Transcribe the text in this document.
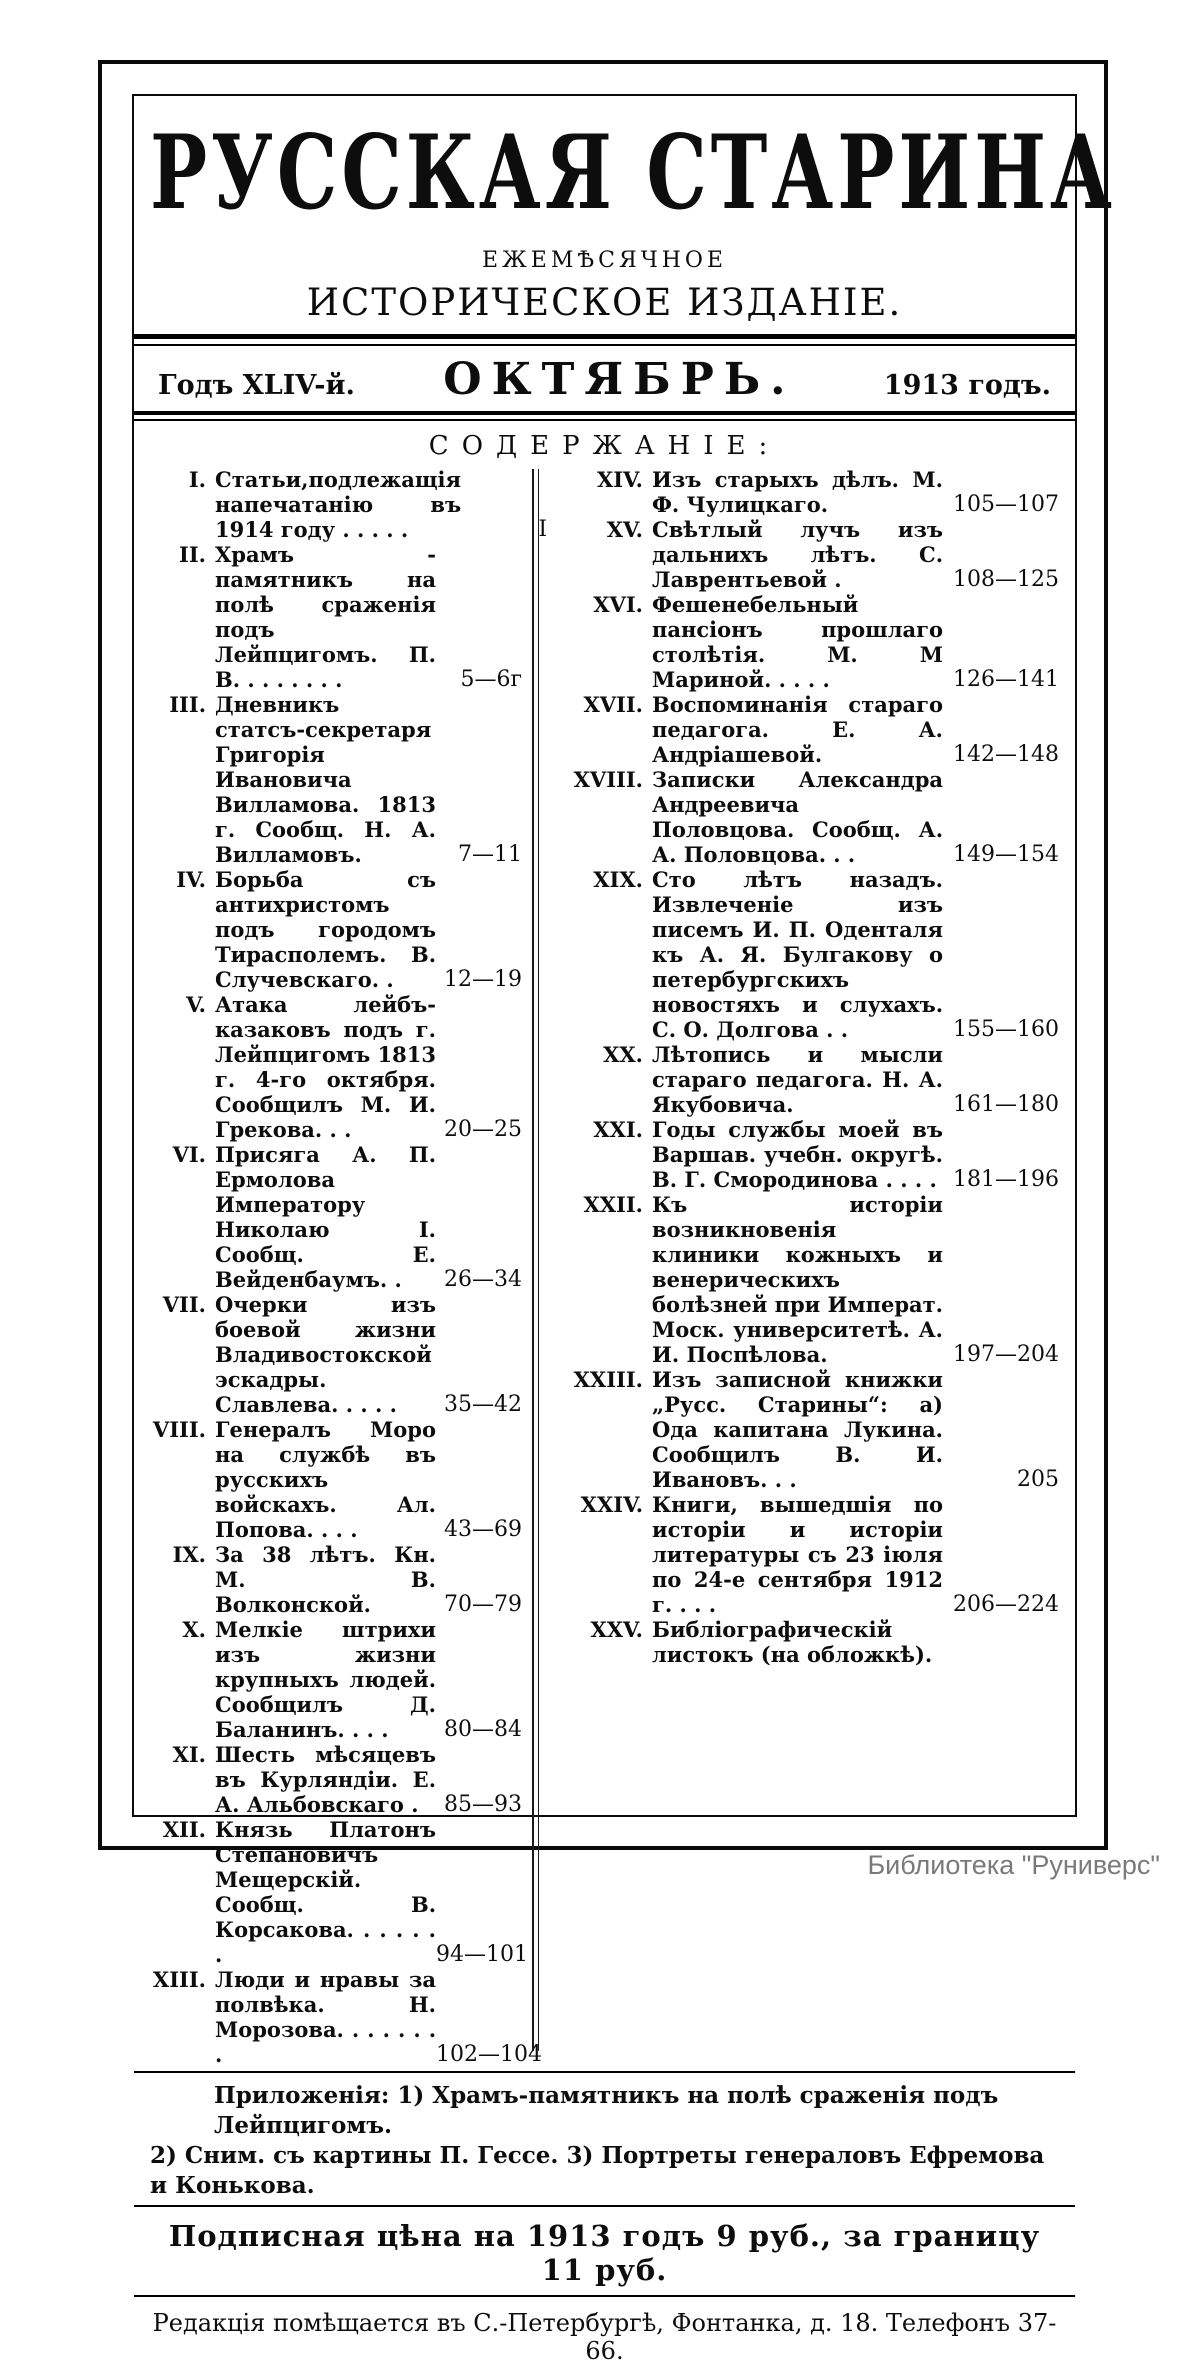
РУССКАЯ СТАРИНА
ЕЖЕМѢСЯЧНОЕ
ИСТОРИЧЕСКОЕ ИЗДАНІЕ.
Годъ XLIV-й. ОКТЯБРЬ.	1913 годъ.
СОДЕРЖАНІЕ:
I. Статьи,подлежащія напечатанію въ 1914 году . . . . .	I
II. Храмъ - памятникъ на полѣ сраженія подъ Лейпцигомъ. П. В. . . . . . . .	5—6г
III. Дневникъ статсъ-секретаря Григорія Ивановича Вилламова. 1813 г. Сообщ. Н. А. Вилламовъ.	7—11
IV. Борьба съ антихристомъ подъ городомъ Тирасполемъ. В. Случевскаго. .	12—19
V. Атака лейбъ-казаковъ подъ г. Лейпцигомъ 1813 г. 4-го октября. Сообщилъ М. И. Грекова. . .	20—25
VI. Присяга А. П. Ермолова Императору Николаю I. Сообщ. Е. Вейденбаумъ. .	26—34
VII. Очерки изъ боевой жизни Владивостокской эскадры. Славлева. . . . .	35—42
VIII. Генералъ Моро на службѣ въ русскихъ войскахъ. Ал. Попова. . . .	43—69
IX. За 38 лѣтъ. Кн. М. В. Волконской.	70—79
X. Мелкіе штрихи изъ жизни крупныхъ людей. Сообщилъ Д. Баланинъ. . . .	80—84
XI. Шесть мѣсяцевъ въ Курляндіи. Е. А. Альбовскаго .	85—93
XII. Князь Платонъ Степановичъ Мещерскій. Сообщ. В. Корсакова. . . . . . .	94—101
XIII. Люди и нравы за полвѣка. Н. Морозова. . . . . . . .	102—104
XIV. Изъ старыхъ дѣлъ. М. Ф. Чулицкаго.	105—107
XV. Свѣтлый лучъ изъ дальнихъ лѣтъ. С. Лаврентьевой .	108—125
XVI. Фешенебельный пансіонъ прошлаго столѣтія. М. М Мариной. . . . .	126—141
XVII. Воспоминанія стараго педагога. Е. А. Андріашевой.	142—148
XVIII. Записки Александра Андреевича Половцова. Сообщ. А. А. Половцова. . .	149—154
XIX. Сто лѣтъ назадъ. Извлеченіе изъ писемъ И. П. Оденталя къ А. Я. Булгакову о петербургскихъ новостяхъ и слухахъ. С. О. Долгова . .	155—160
XX. Лѣтопись и мысли стараго педагога. Н. А. Якубовича.	161—180
XXI. Годы службы моей въ Варшав. учебн. округѣ. В. Г. Смородинова . . . . 181—196
XXII. Къ исторіи возникновенія клиники кожныхъ и венерическихъ болѣзней при Императ. Моск. университетѣ. А. И. Поспѣлова.	197—204
XXIII. Изъ записной книжки „Русс. Старины“: а) Ода капитана Лукина. Сообщилъ В. И. Ивановъ. . .	205
XXIV. Книги, вышедшія по исторіи и исторіи литературы съ 23 іюля по 24-е сентября 1912 г. . . .	206—224
XXV. Библіографическій листокъ (на обложкѣ).
Приложенія: 1) Храмъ-памятникъ на полѣ сраженія подъ Лейпцигомъ.
2) Сним. съ картины П. Гессе. 3) Портреты генераловъ Ефремова и Конькова.
Подписная цѣна на 1913 годъ 9 руб., за границу 11 руб.
Редакція помѣщается въ С.-Петербургѣ, Фонтанка, д. 18. Телефонъ 37-66.
Библиотека "Руниверс"
